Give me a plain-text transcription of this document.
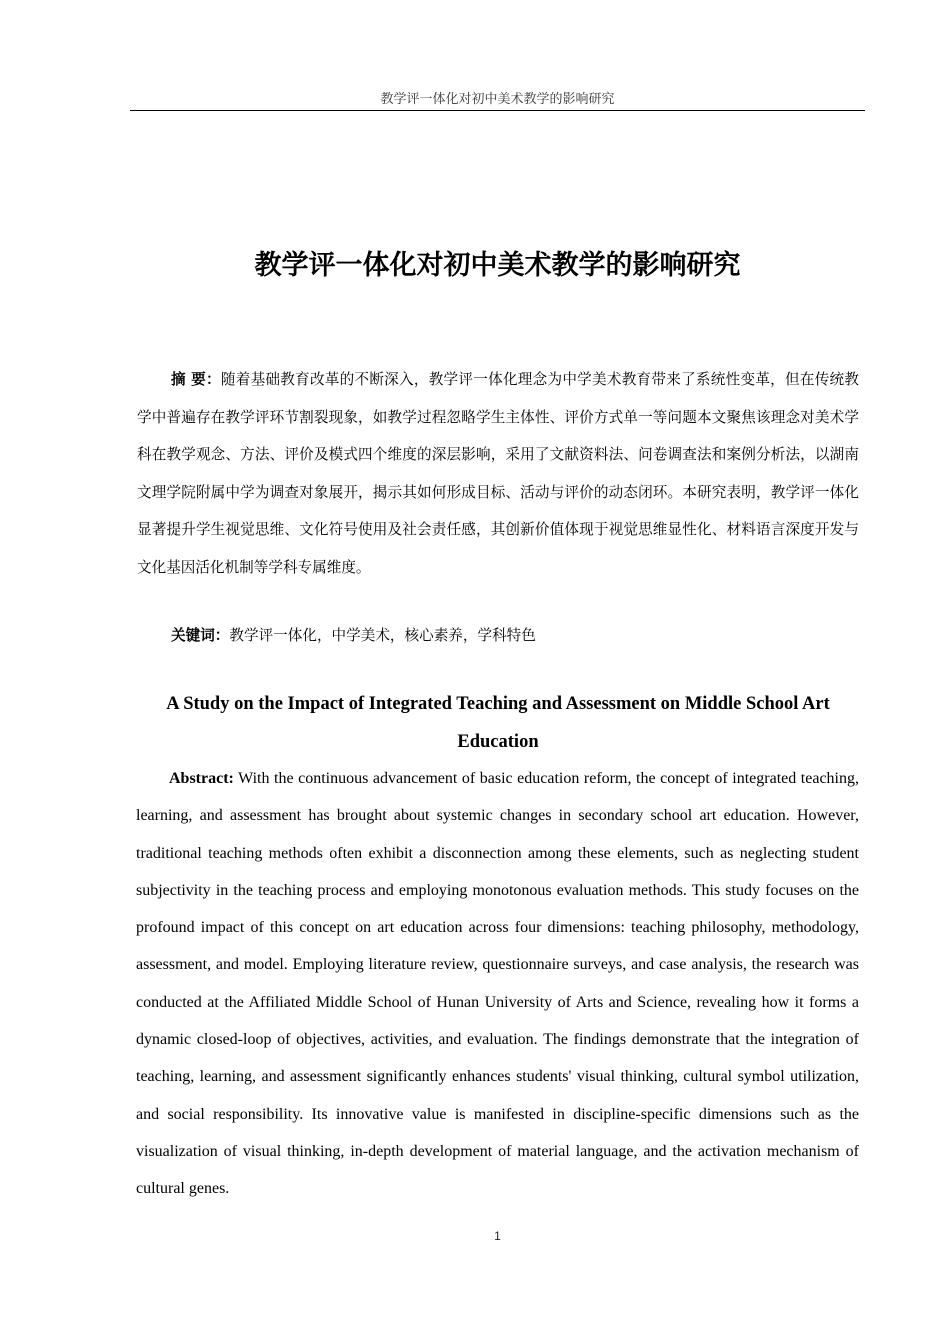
教学评一体化对初中美术教学的影响研究
教学评一体化对初中美术教学的影响研究

摘 要：随着基础教育改革的不断深入，教学评一体化理念为中学美术教育带来了系统性变革，但在传统教学中普遍存在教学评环节割裂现象，如教学过程忽略学生主体性、评价方式单一等问题本文聚焦该理念对美术学科在教学观念、方法、评价及模式四个维度的深层影响，采用了文献资料法、问卷调查法和案例分析法，以湖南文理学院附属中学为调查对象展开，揭示其如何形成目标、活动与评价的动态闭环。本研究表明，教学评一体化显著提升学生视觉思维、文化符号使用及社会责任感，其创新价值体现于视觉思维显性化、材料语言深度开发与文化基因活化机制等学科专属维度。

关键词：教学评一体化，中学美术，核心素养，学科特色

A Study on the Impact of Integrated Teaching and Assessment on Middle School Art Education

Abstract: With the continuous advancement of basic education reform, the concept of integrated teaching, learning, and assessment has brought about systemic changes in secondary school art education. However, traditional teaching methods often exhibit a disconnection among these elements, such as neglecting student subjectivity in the teaching process and employing monotonous evaluation methods. This study focuses on the profound impact of this concept on art education across four dimensions: teaching philosophy, methodology, assessment, and model. Employing literature review, questionnaire surveys, and case analysis, the research was conducted at the Affiliated Middle School of Hunan University of Arts and Science, revealing how it forms a dynamic closed-loop of objectives, activities, and evaluation. The findings demonstrate that the integration of teaching, learning, and assessment significantly enhances students' visual thinking, cultural symbol utilization, and social responsibility. Its innovative value is manifested in discipline-specific dimensions such as the visualization of visual thinking, in-depth development of material language, and the activation mechanism of cultural genes.

1
